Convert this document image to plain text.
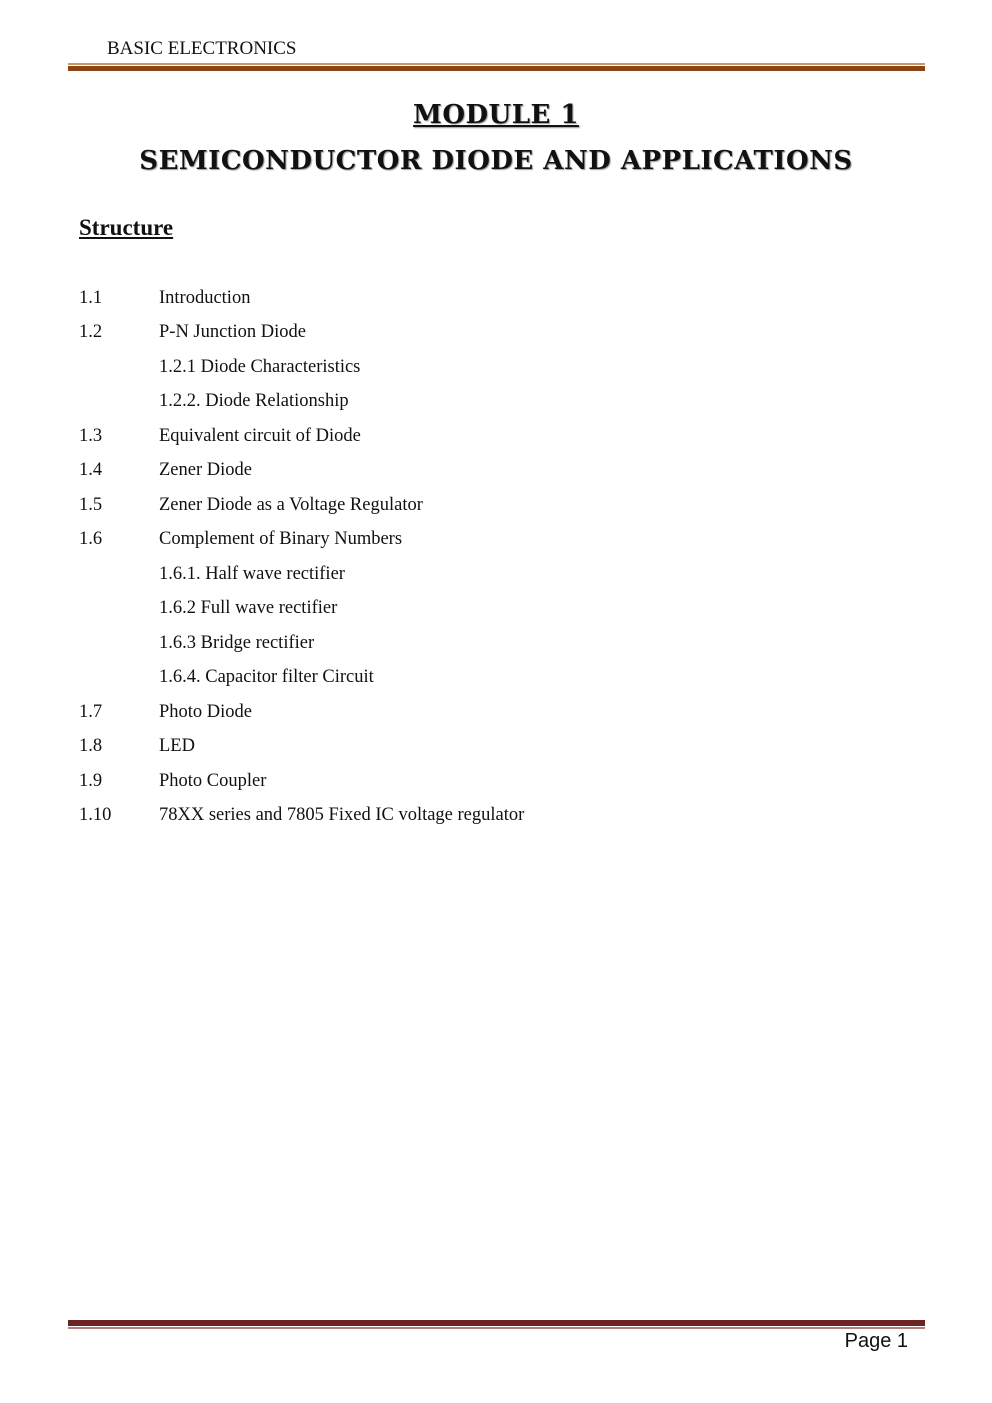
BASIC ELECTRONICS
MODULE 1
SEMICONDUCTOR DIODE AND APPLICATIONS
Structure
1.1	Introduction
1.2	P-N Junction Diode
1.2.1 Diode Characteristics
1.2.2. Diode Relationship
1.3	Equivalent circuit of Diode
1.4	Zener Diode
1.5	Zener Diode as a Voltage Regulator
1.6	Complement of Binary Numbers
1.6.1. Half wave rectifier
1.6.2 Full wave rectifier
1.6.3 Bridge rectifier
1.6.4. Capacitor filter Circuit
1.7	Photo Diode
1.8	LED
1.9	Photo Coupler
1.10	78XX series and 7805 Fixed IC voltage regulator
Page 1
